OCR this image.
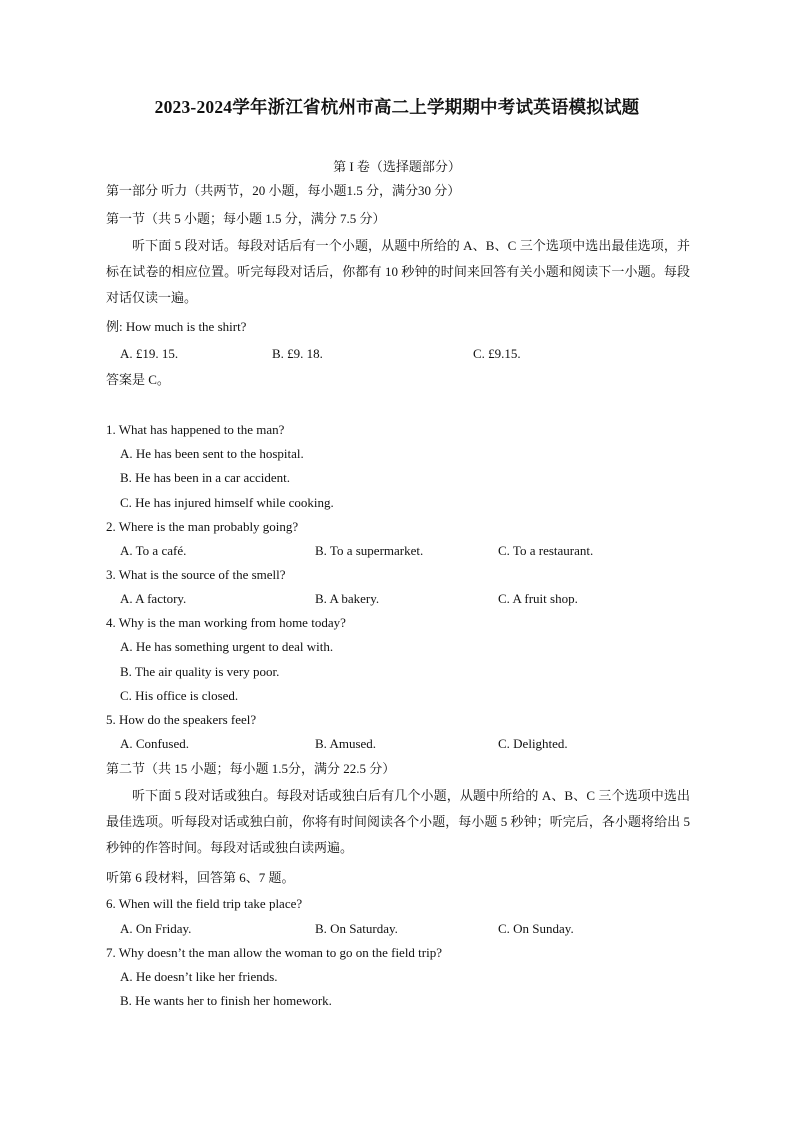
2023-2024学年浙江省杭州市高二上学期期中考试英语模拟试题
第 I 卷（选择题部分）
第一部分 听力（共两节，20 小题，每小题1.5 分，满分30 分）
第一节（共 5 小题；每小题 1.5 分，满分 7.5 分）
听下面 5 段对话。每段对话后有一个小题，从题中所给的 A、B、C 三个选项中选出最佳选项，并标在试卷的相应位置。听完每段对话后，你都有 10 秒钟的时间来回答有关小题和阅读下一小题。每段对话仅读一遍。
例: How much is the shirt?
A. £19. 15.	B. £9. 18.	C. £9.15.
答案是 C。
1. What has happened to the man?
A. He has been sent to the hospital.
B. He has been in a car accident.
C. He has injured himself while cooking.
2. Where is the man probably going?
A. To a café.	B. To a supermarket.	C. To a restaurant.
3. What is the source of the smell?
A. A factory.	B. A bakery.	C. A fruit shop.
4. Why is the man working from home today?
A. He has something urgent to deal with.
B. The air quality is very poor.
C. His office is closed.
5. How do the speakers feel?
A. Confused.	B. Amused.	C. Delighted.
第二节（共 15 小题；每小题 1.5分，满分 22.5 分）
听下面 5 段对话或独白。每段对话或独白后有几个小题，从题中所给的 A、B、C 三个选项中选出最佳选项。听每段对话或独白前，你将有时间阅读各个小题，每小题 5 秒钟；听完后，各小题将给出 5 秒钟的作答时间。每段对话或独白读两遍。
听第 6 段材料，回答第 6、7 题。
6. When will the field trip take place?
A. On Friday.	B. On Saturday.	C. On Sunday.
7. Why doesn’t the man allow the woman to go on the field trip?
A. He doesn’t like her friends.
B. He wants her to finish her homework.
